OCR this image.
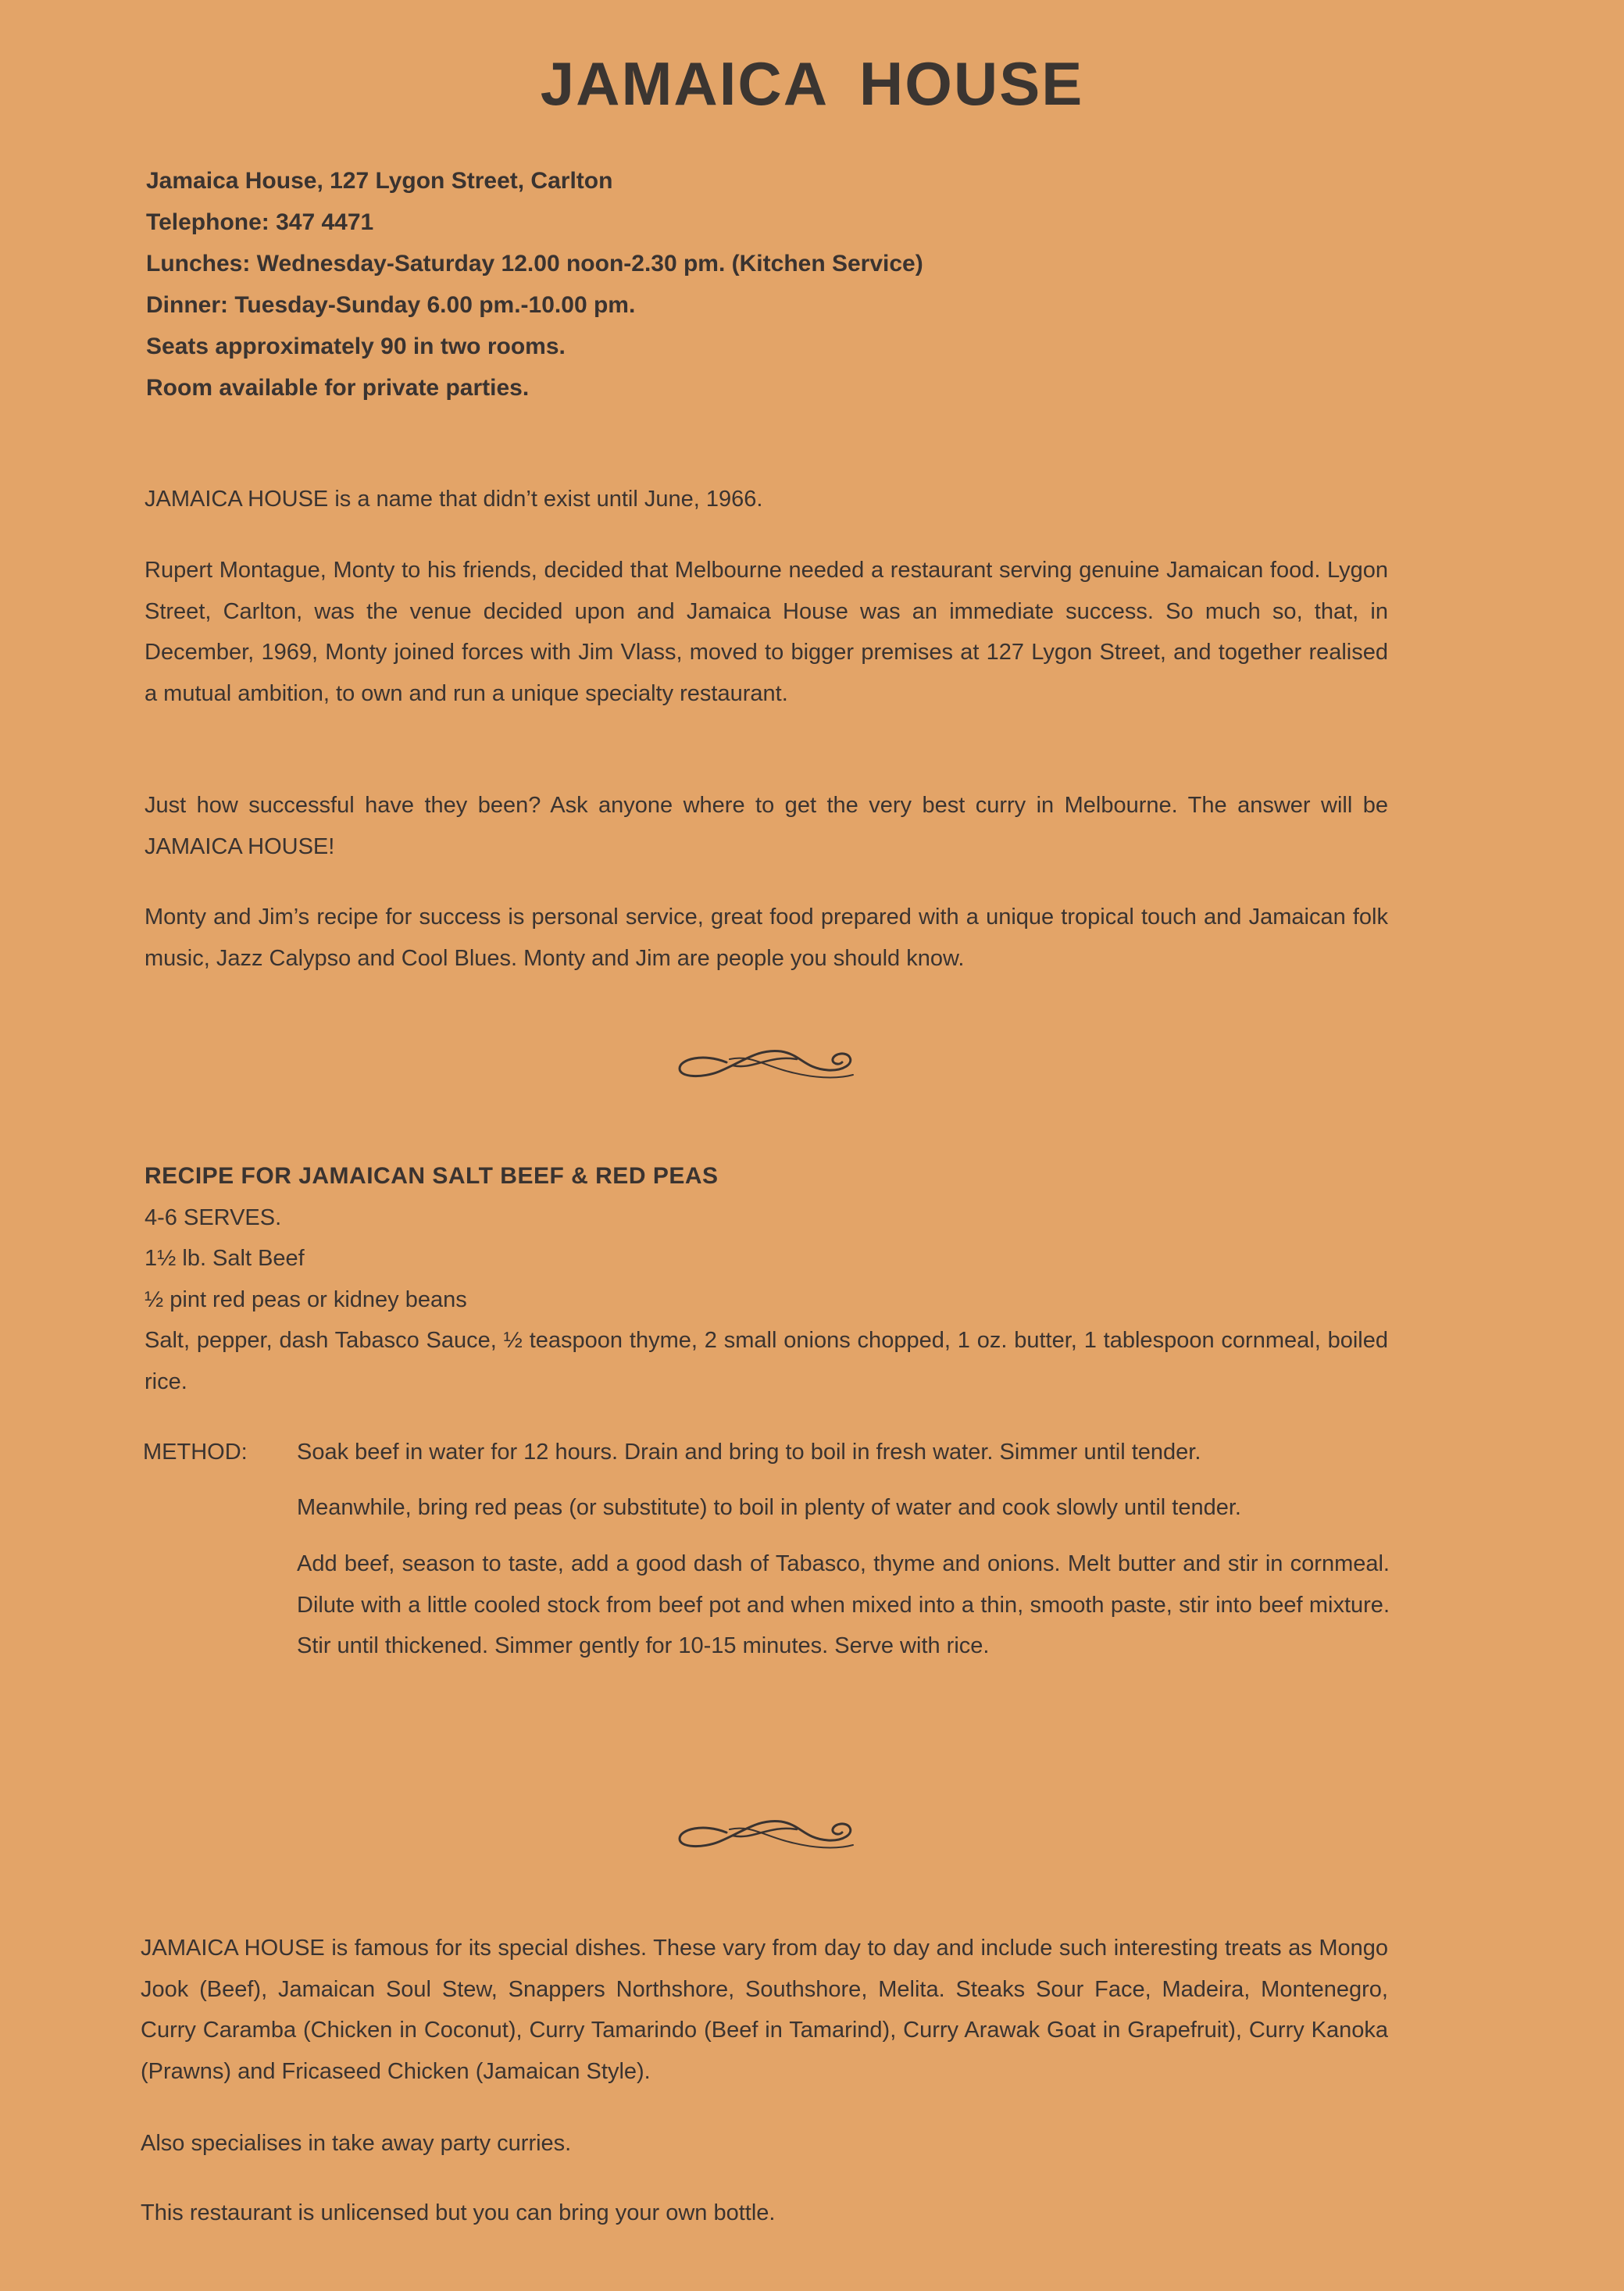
JAMAICA HOUSE
Jamaica House, 127 Lygon Street, Carlton
Telephone: 347 4471
Lunches: Wednesday-Saturday 12.00 noon-2.30 pm. (Kitchen Service)
Dinner: Tuesday-Sunday 6.00 pm.-10.00 pm.
Seats approximately 90 in two rooms.
Room available for private parties.
JAMAICA HOUSE is a name that didn’t exist until June, 1966.
Rupert Montague, Monty to his friends, decided that Melbourne needed a restaurant serving genuine Jamaican food. Lygon Street, Carlton, was the venue decided upon and Jamaica House was an immediate success. So much so, that, in December, 1969, Monty joined forces with Jim Vlass, moved to bigger premises at 127 Lygon Street, and together realised a mutual ambition, to own and run a unique specialty restaurant.
Just how successful have they been? Ask anyone where to get the very best curry in Melbourne. The answer will be JAMAICA HOUSE!
Monty and Jim’s recipe for success is personal service, great food prepared with a unique tropical touch and Jamaican folk music, Jazz Calypso and Cool Blues. Monty and Jim are people you should know.
RECIPE FOR JAMAICAN SALT BEEF & RED PEAS
4-6 SERVES.
1½ lb. Salt Beef
½ pint red peas or kidney beans
Salt, pepper, dash Tabasco Sauce, ½ teaspoon thyme, 2 small onions chopped, 1 oz. butter, 1 tablespoon cornmeal, boiled rice.
METHOD: Soak beef in water for 12 hours. Drain and bring to boil in fresh water. Simmer until tender.
Meanwhile, bring red peas (or substitute) to boil in plenty of water and cook slowly until tender.
Add beef, season to taste, add a good dash of Tabasco, thyme and onions. Melt butter and stir in cornmeal. Dilute with a little cooled stock from beef pot and when mixed into a thin, smooth paste, stir into beef mixture. Stir until thickened. Simmer gently for 10-15 minutes. Serve with rice.
JAMAICA HOUSE is famous for its special dishes. These vary from day to day and include such interesting treats as Mongo Jook (Beef), Jamaican Soul Stew, Snappers Northshore, Southshore, Melita. Steaks Sour Face, Madeira, Montenegro, Curry Caramba (Chicken in Coconut), Curry Tamarindo (Beef in Tamarind), Curry Arawak Goat in Grapefruit), Curry Kanoka (Prawns) and Fricaseed Chicken (Jamaican Style).
Also specialises in take away party curries.
This restaurant is unlicensed but you can bring your own bottle.
